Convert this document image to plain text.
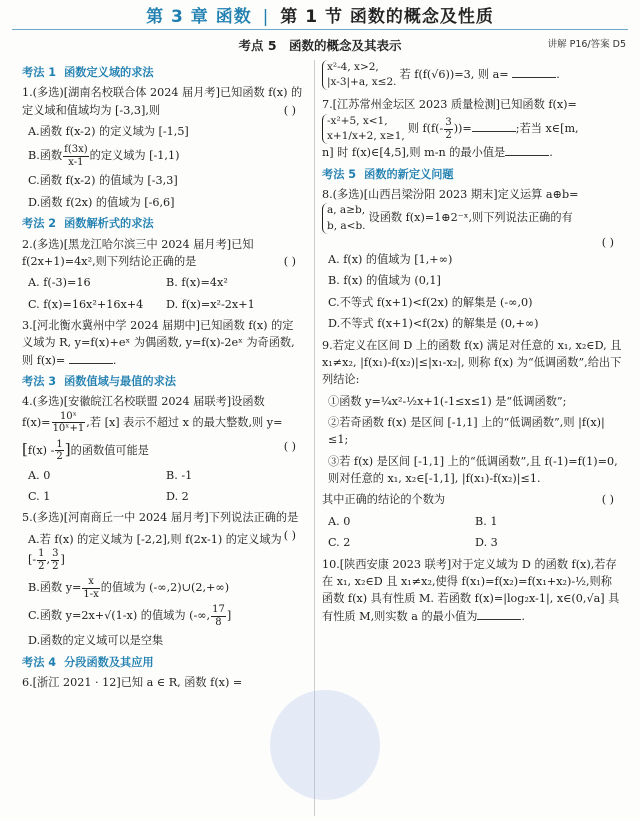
第 3 章 函数 | 第 1 节 函数的概念及性质
考点 5　函数的概念及其表示	讲解 P16/答案 D5
考法 1 函数定义域的求法

1.(多选)[湖南名校联合体 2024 届月考]已知函数 f(x) 的定义域和值域均为 [-3,3],则	( )

A.函数 f(x-2) 的定义域为 [-1,5]

B.函数 $\frac{f(3x)}{x-1}$ 的定义域为 [-1,1)

C.函数 f(x-2) 的值域为 [-3,3]

D.函数 f(2x) 的值域为 [-6,6]

考法 2 函数解析式的求法

2.(多选)[黑龙江哈尔滨三中 2024 届月考]已知 f(2x+1)=4x²,则下列结论正确的是	( )

A. f(-3)=16	B. f(x)=4x²
C. f(x)=16x²+16x+4	D. f(x)=x²-2x+1

3.[河北衡水冀州中学 2024 届期中]已知函数 f(x) 的定义域为 R, y=f(x)+eˣ 为偶函数, y=f(x)-2eˣ 为奇函数,则 f(x)=	.

考法 3 函数值域与最值的求法

4.(多选)[安徽皖江名校联盟 2024 届联考]设函数

$f(x)= \frac{\text{10ˣ}}{\text{10ˣ+1}}$ ,若 [x] 表示不超过 x 的最大整数,则 y=

[$f(x) - \frac{1}{2}$ ]的函数值可能是	( )

A. 0	B. -1
C. 1	D. 2

5.(多选)[河南商丘一中 2024 届月考]下列说法正确的是
( )

A.若 f(x) 的定义域为 [-2,2],则 f(2x-1) 的定义域为
[- $\frac{1}{2}$ , $\frac{3}{2}$ ]

B.函数 $y= \frac{x}{1-x}$ 的值域为 (-∞,2)∪(2,+∞)

C.函数 y=2x+√(1-x) 的值域为 (-∞, $\frac{17}{8}$ ]

D.函数的定义域可以是空集

考法 4 分段函数及其应用

6.[浙江 2021 · 12]已知 a ∈ R, 函数 f(x) =

x²-4, x>2,
|x-3|+a, x≤2.若 f(f(√6))=3, 则 a=	.

7.[江苏常州金坛区 2023 质量检测]已知函数 f(x)=

-x²+5, x<1,
x+1/x+2, x≥1,则 $f(f(- \frac{3}{2}$ ))=	;若当 x∈[m,

n] 时 f(x)∈[4,5],则 m-n 的最小值是	.

考法 5 函数的新定义问题

8.(多选)[山西吕梁汾阳 2023 期末]定义运算 a⊕b=

a, a≥b,
b, a<b.设函数 f(x)=1⊕2⁻ˣ,则下列说法正确的有

( )

A. f(x) 的值域为 [1,+∞)

B. f(x) 的值域为 (0,1]

C.不等式 f(x+1)<f(2x) 的解集是 (-∞,0)

D.不等式 f(x+1)<f(2x) 的解集是 (0,+∞)

9.若定义在区间 D 上的函数 f(x) 满足对任意的 x₁, x₂∈D, 且 x₁≠x₂, |f(x₁)-f(x₂)|≤|x₁-x₂|, 则称 f(x) 为“低调函数”,给出下列结论:

①函数 y=¼x²-½x+1(-1≤x≤1) 是“低调函数”;

②若奇函数 f(x) 是区间 [-1,1] 上的“低调函数”,则 |f(x)|≤1;

③若 f(x) 是区间 [-1,1] 上的“低调函数”,且 f(-1)=f(1)=0,则对任意的 x₁, x₂∈[-1,1], |f(x₁)-f(x₂)|≤1.

其中正确的结论的个数为	( )

A. 0	B. 1
C. 2	D. 3

10.[陕西安康 2023 联考]对于定义域为 D 的函数 f(x),若存在 x₁, x₂∈D 且 x₁≠x₂,使得 f(x₁)=f(x₂)=f(x₁+x₂)-½,则称函数 f(x) 具有性质 M. 若函数 f(x)=|log₂x-1|, x∈(0,√a] 具有性质 M,则实数 a 的最小值为	.
